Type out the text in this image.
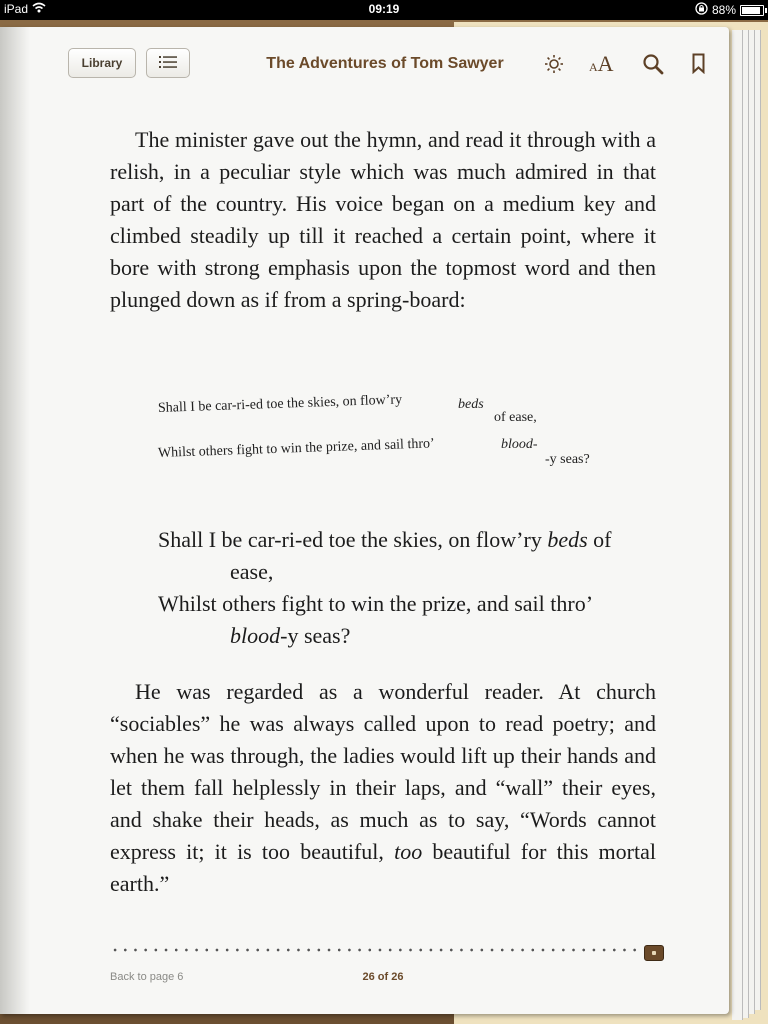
iPad	09:19	88%
Library	The Adventures of Tom Sawyer	AA

The minister gave out the hymn, and read it through with a relish, in a peculiar style which was much admired in that part of the country. His voice began on a medium key and climbed steadily up till it reached a certain point, where it bore with strong emphasis upon the topmost word and then plunged down as if from a spring-board:

Shall I be car-ri-ed toe the skies, on flow’ry	beds
of ease,
Whilst others fight to win the prize, and sail thro’	blood-
-y seas?
Shall I be car-ri-ed toe the skies, on flow’ry beds of
ease,
Whilst others fight to win the prize, and sail thro’
blood-y seas?

He was regarded as a wonderful reader. At church “sociables” he was always called upon to read poetry; and when he was through, the ladies would lift up their hands and let them fall helplessly in their laps, and “wall” their eyes, and shake their heads, as much as to say, “Words cannot express it; it is too beautiful, too beautiful for this mortal earth.”

Back to page 6	26 of 26
